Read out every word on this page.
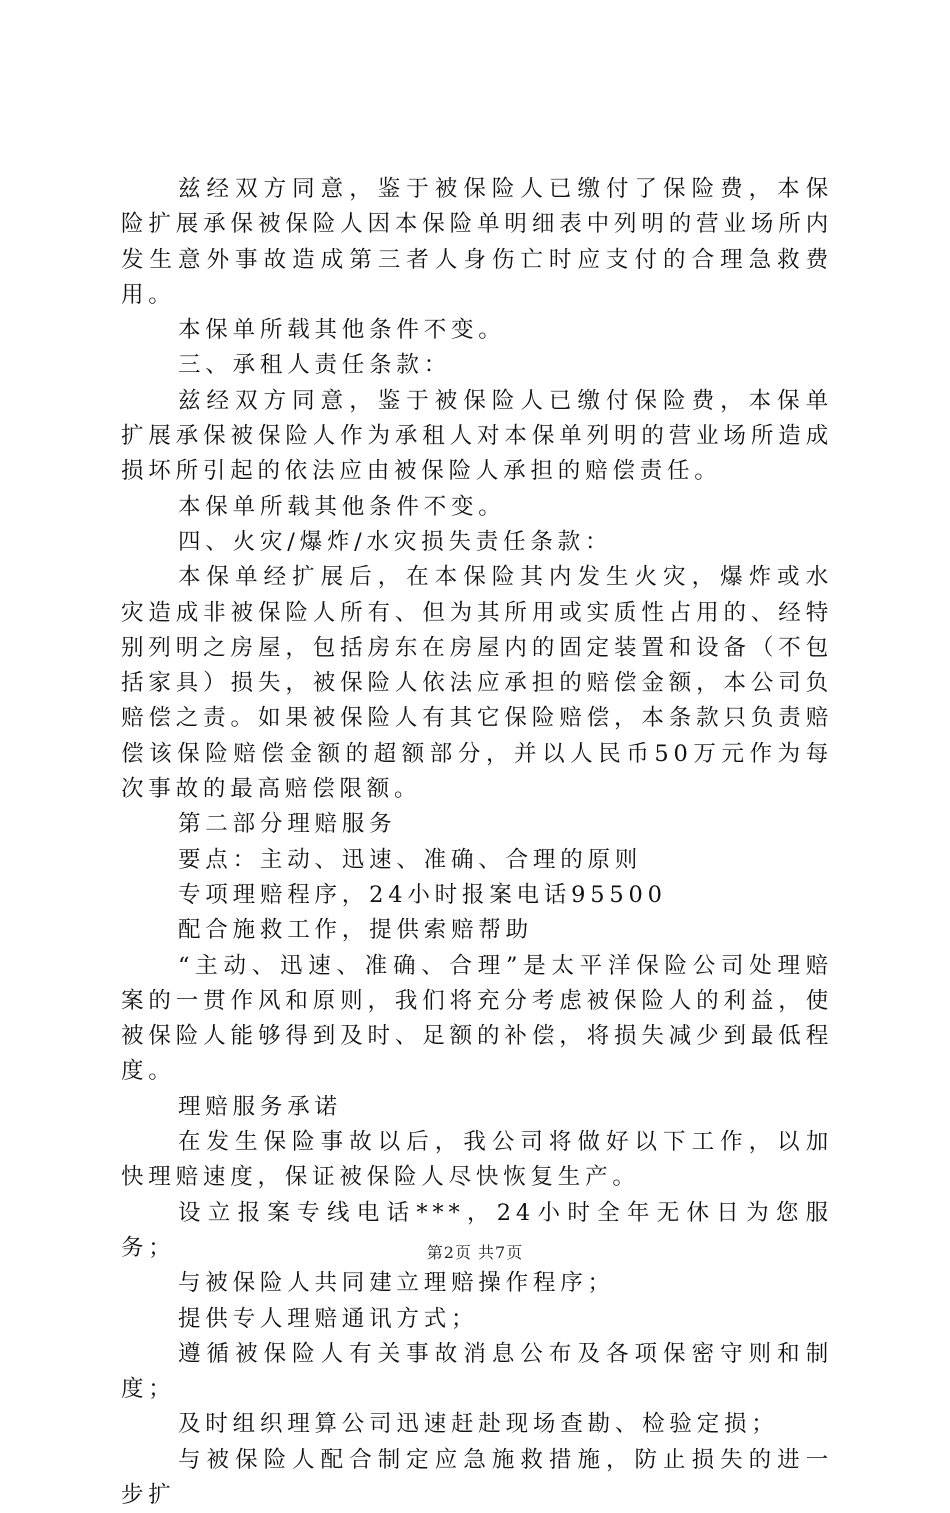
兹经双方同意，鉴于被保险人已缴付了保险费，本保险扩展承保被保险人因本保险单明细表中列明的营业场所内发生意外事故造成第三者人身伤亡时应支付的合理急救费用。

本保单所载其他条件不变。

三、承租人责任条款：

兹经双方同意，鉴于被保险人已缴付保险费，本保单扩展承保被保险人作为承租人对本保单列明的营业场所造成损坏所引起的依法应由被保险人承担的赔偿责任。

本保单所载其他条件不变。

四、火灾/爆炸/水灾损失责任条款：

本保单经扩展后，在本保险其内发生火灾，爆炸或水灾造成非被保险人所有、但为其所用或实质性占用的、经特别列明之房屋，包括房东在房屋内的固定装置和设备（不包括家具）损失，被保险人依法应承担的赔偿金额，本公司负赔偿之责。如果被保险人有其它保险赔偿，本条款只负责赔偿该保险赔偿金额的超额部分，并以人民币50万元作为每次事故的最高赔偿限额。

第二部分理赔服务

要点：主动、迅速、准确、合理的原则

专项理赔程序，24小时报案电话95500

配合施救工作，提供索赔帮助

“主动、迅速、准确、合理”是太平洋保险公司处理赔案的一贯作风和原则，我们将充分考虑被保险人的利益，使被保险人能够得到及时、足额的补偿，将损失减少到最低程度。

理赔服务承诺

在发生保险事故以后，我公司将做好以下工作，以加快理赔速度，保证被保险人尽快恢复生产。

设立报案专线电话***，24小时全年无休日为您服务；

与被保险人共同建立理赔操作程序；

提供专人理赔通讯方式；

遵循被保险人有关事故消息公布及各项保密守则和制度；

及时组织理算公司迅速赶赴现场查勘、检验定损；

与被保险人配合制定应急施救措施，防止损失的进一步扩

第2页 共7页
